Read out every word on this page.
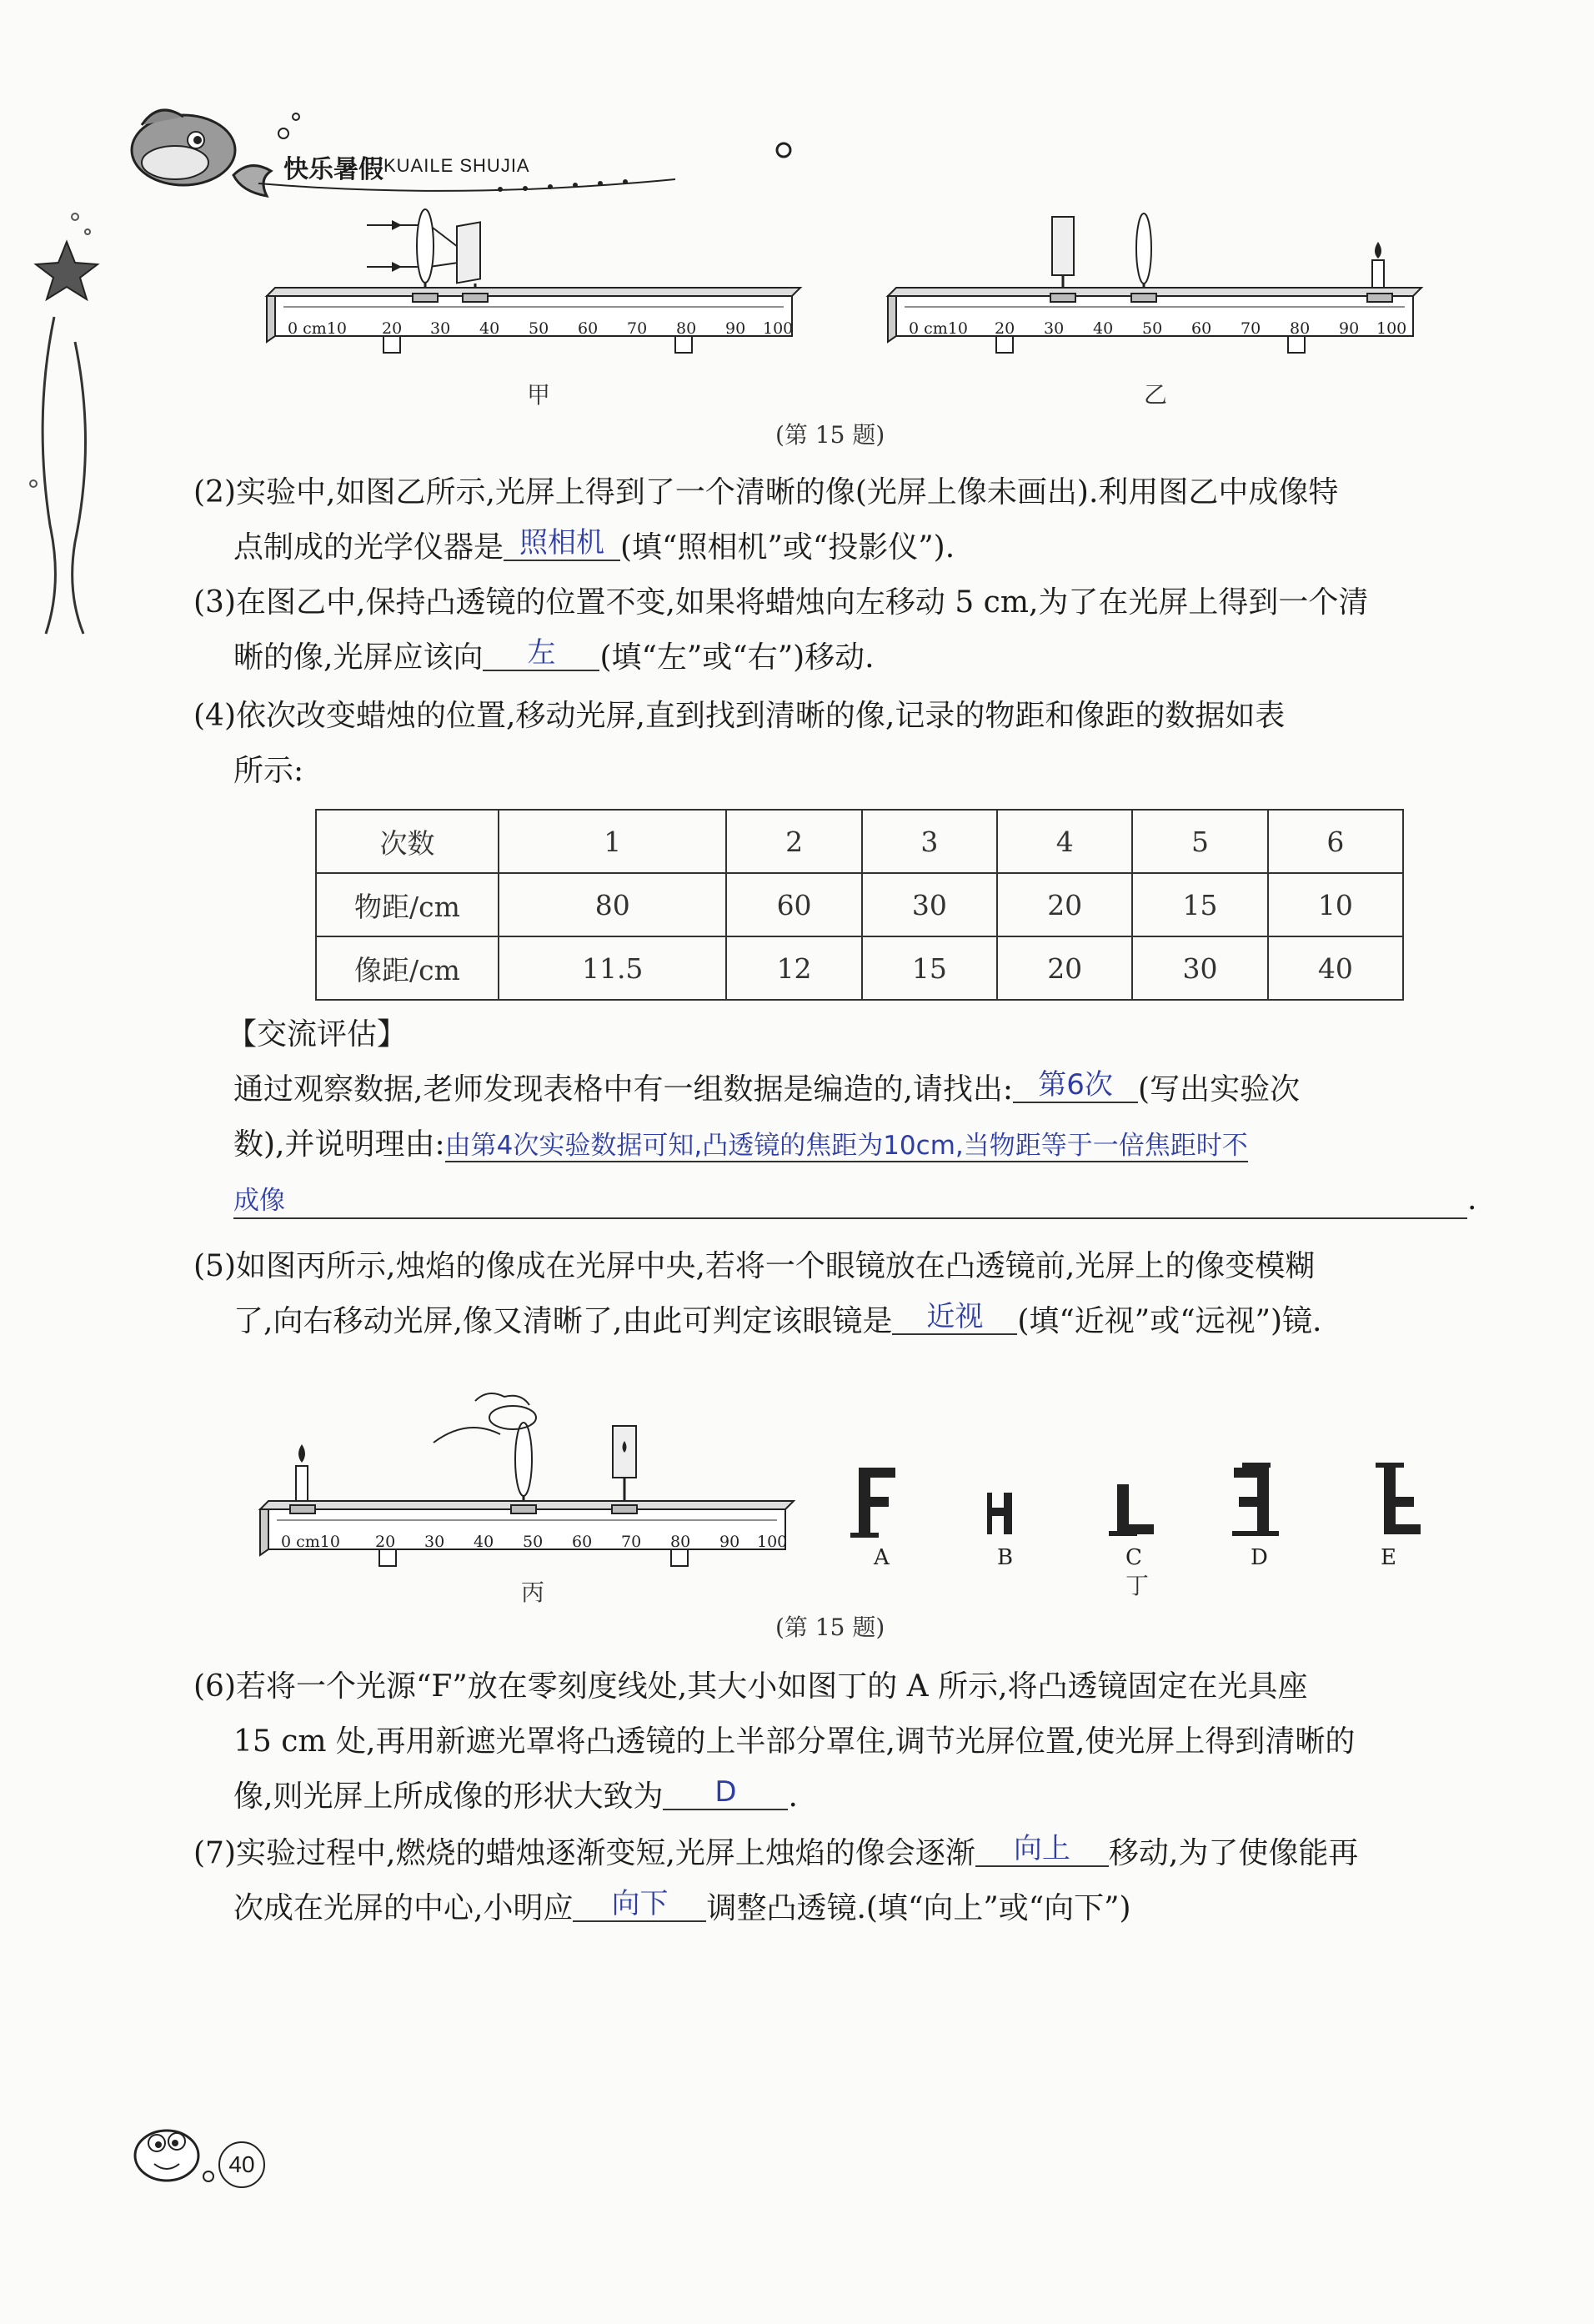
快乐暑假 KUAILE SHUJIA
0 cm10 20 30 40 50 60 70 80 90 100	0 cm10 20 30 40 50 60 70 80 90 100
甲	乙
(第 15 题)
(2)实验中,如图乙所示,光屏上得到了一个清晰的像(光屏上像未画出).利用图乙中成像特
点制成的光学仪器是 照相机 (填“照相机”或“投影仪”).
(3)在图乙中,保持凸透镜的位置不变,如果将蜡烛向左移动 5 cm,为了在光屏上得到一个清
晰的像,光屏应该向 左 (填“左”或“右”)移动.
(4)依次改变蜡烛的位置,移动光屏,直到找到清晰的像,记录的物距和像距的数据如表
所示:
次数	1	2	3	4	5	6
物距/cm	80	60	30	20	15	10
像距/cm	11.5	12	15	20	30	40
【交流评估】
通过观察数据,老师发现表格中有一组数据是编造的,请找出: 第6次 (写出实验次
数),并说明理由:由第4次实验数据可知,凸透镜的焦距为10cm,当物距等于一倍焦距时不
成像	.
(5)如图丙所示,烛焰的像成在光屏中央,若将一个眼镜放在凸透镜前,光屏上的像变模糊
了,向右移动光屏,像又清晰了,由此可判定该眼镜是 近视 (填“近视”或“远视”)镜.
0 cm10 20 30 40 50 60 70 80 90 100
A	B	C	D	E
丙	丁
(第 15 题)
(6)若将一个光源“F”放在零刻度线处,其大小如图丁的 A 所示,将凸透镜固定在光具座
15 cm 处,再用新遮光罩将凸透镜的上半部分罩住,调节光屏位置,使光屏上得到清晰的
像,则光屏上所成像的形状大致为 D .
(7)实验过程中,燃烧的蜡烛逐渐变短,光屏上烛焰的像会逐渐 向上 移动,为了使像能再
次成在光屏的中心,小明应 向下 调整凸透镜.(填“向上”或“向下”)
40
